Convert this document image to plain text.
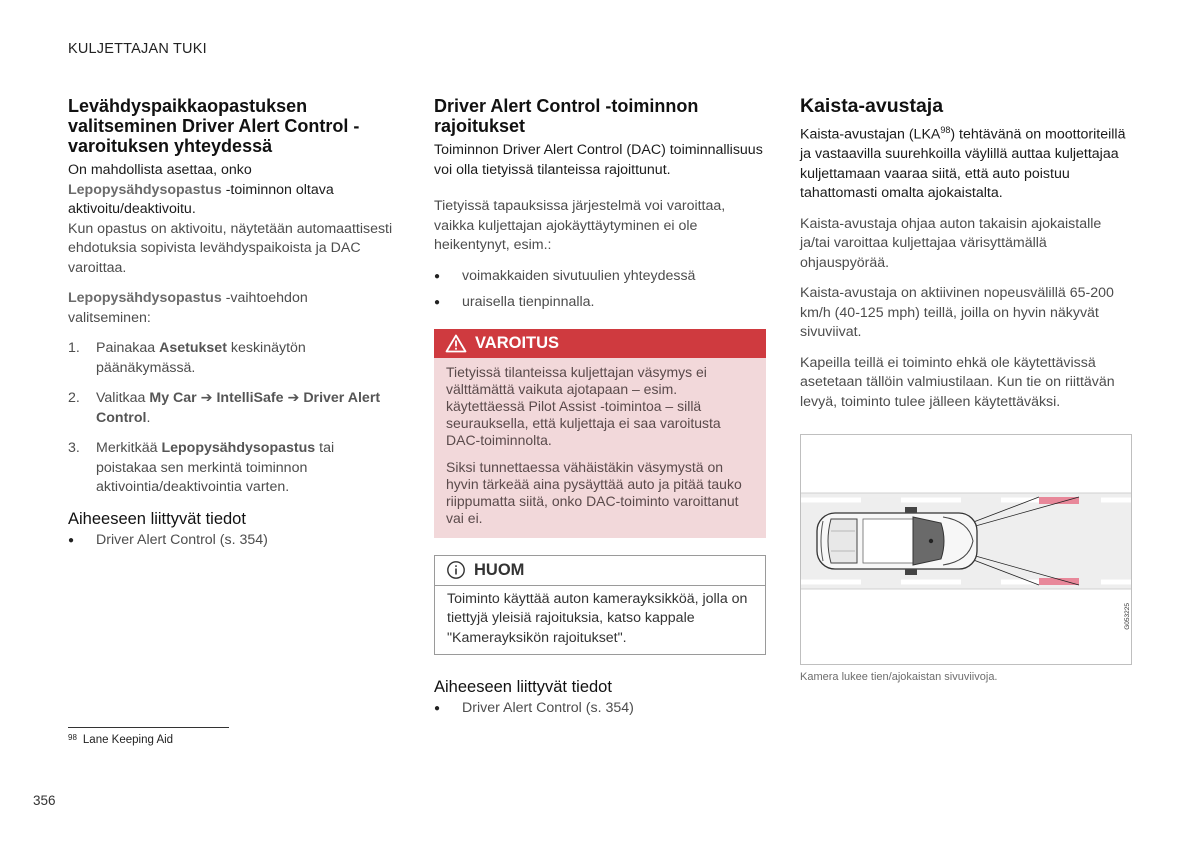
KULJETTAJAN TUKI
Levähdyspaikkaopastuksen valitseminen Driver Alert Control -varoituksen yhteydessä

On mahdollista asettaa, onko

Lepopysähdysopastus -toiminnon oltava aktivoitu/deaktivoitu.

Kun opastus on aktivoitu, näytetään automaattisesti ehdotuksia sopivista levähdyspaikoista ja DAC varoittaa.

Lepopysähdysopastus -vaihtoehdon valitseminen:

1.	Painakaa Asetukset keskinäytön päänäkymässä.
2.	Valitkaa My Car ➔ IntelliSafe ➔ Driver Alert Control.
3.	Merkitkää Lepopysähdysopastus tai poistakaa sen merkintä toiminnon aktivointia/deaktivointia varten.
Aiheeseen liittyvät tiedot
●	Driver Alert Control (s. 354)
Driver Alert Control -toiminnon rajoitukset

Toiminnon Driver Alert Control (DAC) toiminnallisuus voi olla tietyissä tilanteissa rajoittunut.

Tietyissä tapauksissa järjestelmä voi varoittaa, vaikka kuljettajan ajokäyttäytyminen ei ole heikentynyt, esim.:

●	voimakkaiden sivutuulien yhteydessä
●	uraisella tienpinnalla.
VAROITUS

Tietyissä tilanteissa kuljettajan väsymys ei välttämättä vaikuta ajotapaan – esim. käytettäessä Pilot Assist -toimintoa – sillä seurauksella, että kuljettaja ei saa varoitusta DAC-toiminnolta.

Siksi tunnettaessa vähäistäkin väsymystä on hyvin tärkeää aina pysäyttää auto ja pitää tauko riippumatta siitä, onko DAC-toiminto varoittanut vai ei.

HUOM

Toiminto käyttää auton kamerayksikköä, jolla on tiettyjä yleisiä rajoituksia, katso kappale "Kamerayksikön rajoitukset".

Aiheeseen liittyvät tiedot
●	Driver Alert Control (s. 354)
Kaista-avustaja

Kaista-avustajan (LKA$^{98}$) tehtävänä on moottoriteillä ja vastaavilla suurehkoilla väylillä auttaa kuljettajaa kuljettamaan vaaraa siitä, että auto poistuu tahattomasti omalta ajokaistalta.

Kaista-avustaja ohjaa auton takaisin ajokaistalle ja/tai varoittaa kuljettajaa värisyttämällä ohjauspyörää.

Kaista-avustaja on aktiivinen nopeusvälillä 65-200 km/h (40-125 mph) teillä, joilla on hyvin näkyvät sivuviivat.

Kapeilla teillä ei toiminto ehkä ole käytettävissä asetetaan tällöin valmiustilaan. Kun tie on riittävän levyä, toiminto tulee jälleen käytettäväksi.

G053225
Kamera lukee tien/ajokaistan sivuviivoja.
$^{98}$ Lane Keeping Aid
356
